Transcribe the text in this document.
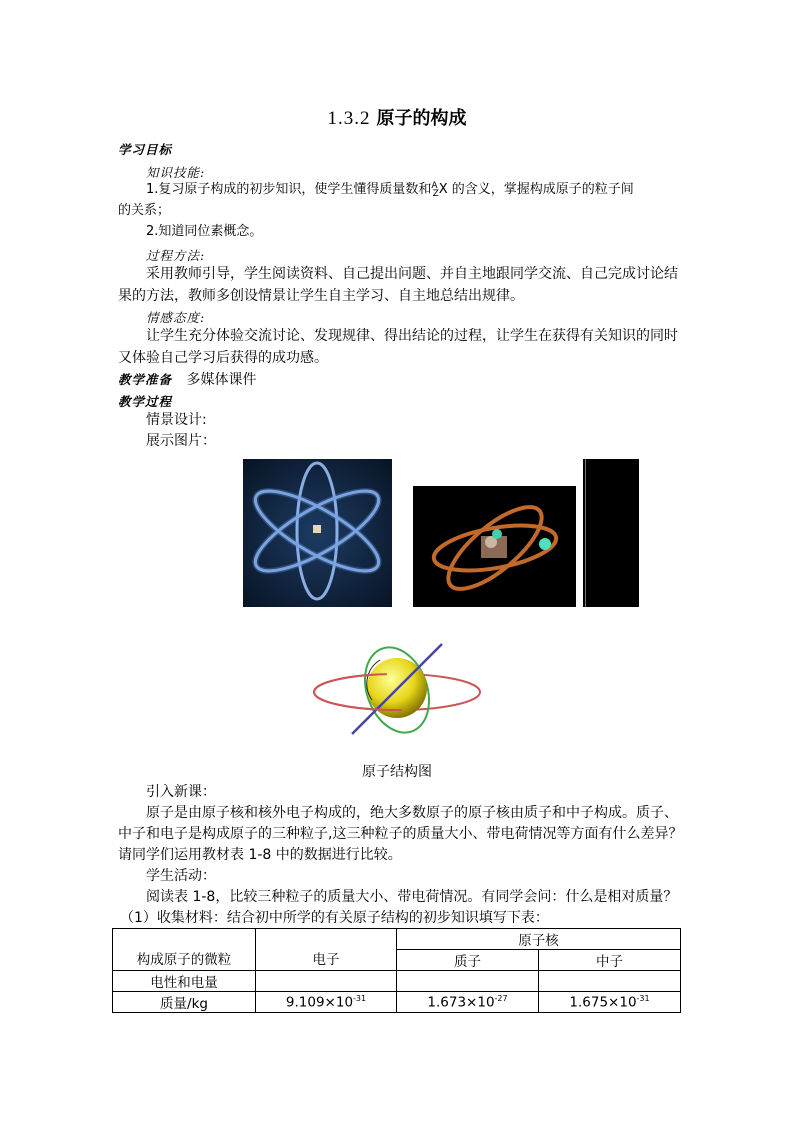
1.3.2 原子的构成
学习目标
知识技能:
1.复习原子构成的初步知识，使学生懂得质量数和$^A_Z$X 的含义，掌握构成原子的粒子间
的关系；
2.知道同位素概念。
过程方法:
采用教师引导，学生阅读资料、自己提出问题、并自主地跟同学交流、自己完成讨论结
果的方法，教师多创设情景让学生自主学习、自主地总结出规律。
情感态度:
让学生充分体验交流讨论、发现规律、得出结论的过程，让学生在获得有关知识的同时
又体验自己学习后获得的成功感。
教学准备 多媒体课件
教学过程
情景设计:
展示图片：
原子结构图
引入新课：
原子是由原子核和核外电子构成的，绝大多数原子的原子核由质子和中子构成。质子、
中子和电子是构成原子的三种粒子,这三种粒子的质量大小、带电荷情况等方面有什么差异？
请同学们运用教材表 1-8 中的数据进行比较。
学生活动：
阅读表 1-8，比较三种粒子的质量大小、带电荷情况。有同学会问：什么是相对质量？
（1）收集材料：结合初中所学的有关原子结构的初步知识填写下表：
构成原子的微粒	电子	原子核	
		质子	中子
电性和电量			
质量/kg	$9.109\times 10^{-31}$	$1.673\times 10^{-27}$	$1.675\times 10^{-31}$
